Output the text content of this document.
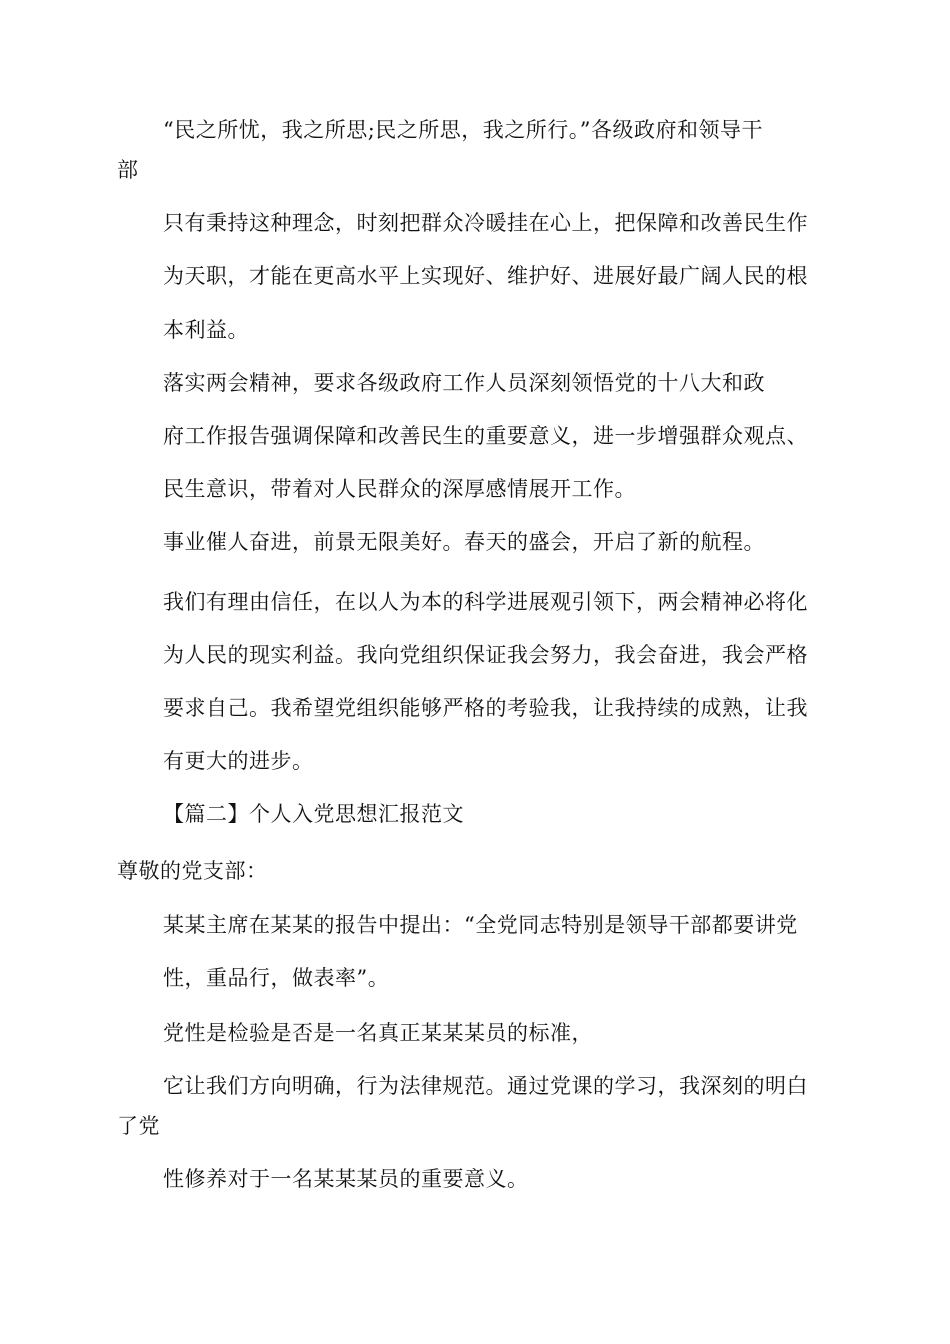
“民之所忧，我之所思;民之所思，我之所行。”各级政府和领导干
部
只有秉持这种理念，时刻把群众冷暖挂在心上，把保障和改善民生作
为天职，才能在更高水平上实现好、维护好、进展好最广阔人民的根
本利益。
落实两会精神，要求各级政府工作人员深刻领悟党的十八大和政
府工作报告强调保障和改善民生的重要意义，进一步增强群众观点、
民生意识，带着对人民群众的深厚感情展开工作。
事业催人奋进，前景无限美好。春天的盛会，开启了新的航程。
我们有理由信任，在以人为本的科学进展观引领下，两会精神必将化
为人民的现实利益。我向党组织保证我会努力，我会奋进，我会严格
要求自己。我希望党组织能够严格的考验我，让我持续的成熟，让我
有更大的进步。
【篇二】个人入党思想汇报范文
尊敬的党支部：
某某主席在某某的报告中提出：“全党同志特别是领导干部都要讲党
性，重品行，做表率”。
党性是检验是否是一名真正某某某员的标准，
它让我们方向明确，行为法律规范。通过党课的学习，我深刻的明白
了党
性修养对于一名某某某员的重要意义。
